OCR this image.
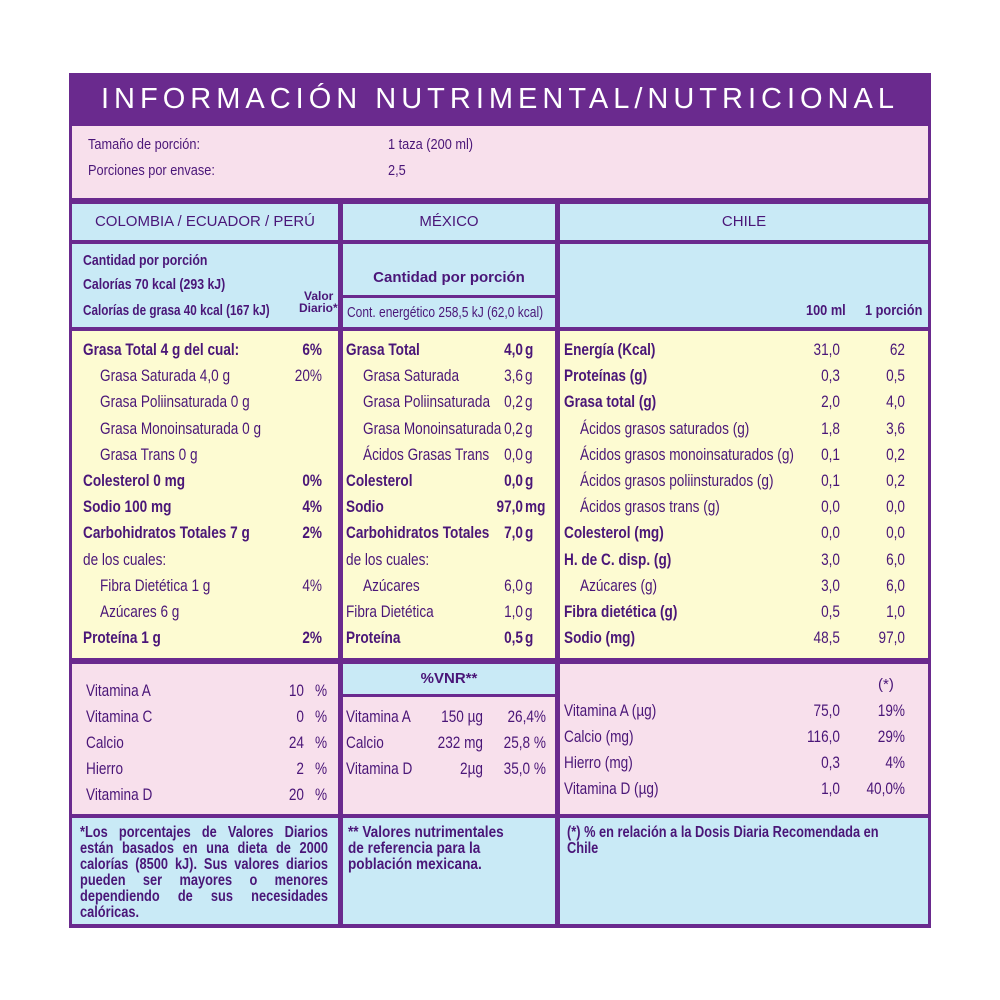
INFORMACIÓN NUTRIMENTAL/NUTRICIONAL
Tamaño de porción:	1 taza (200 ml)
Porciones por envase:	2,5
COLOMBIA / ECUADOR / PERÚ	MÉXICO	CHILE
Cantidad por porción
Calorías 70 kcal (293 kJ)
Calorías de grasa 40 kcal (167 kJ)
Valor
Diario*
Cantidad por porción
Cont. energético 258,5 kJ (62,0 kcal)	100 ml 1 porción
Grasa Total 4 g del cual:	6%
Grasa Saturada 4,0 g	20%
Grasa Poliinsaturada 0 g
Grasa Monoinsaturada 0 g
Grasa Trans 0 g
Colesterol 0 mg	0%
Sodio 100 mg	4%
Carbohidratos Totales 7 g	2%
de los cuales:
Fibra Dietética 1 g	4%
Azúcares 6 g
Proteína 1 g	2%
Grasa Total	4,0 g
Grasa Saturada	3,6 g
Grasa Poliinsaturada 0,2 g
Grasa Monoinsaturada 0,2 g
Ácidos Grasas Trans 0,0 g
Colesterol	0,0 g
Sodio	97,0 mg
Carbohidratos Totales 7,0 g
de los cuales:
Azúcares	6,0 g
Fibra Dietética	1,0 g
Proteína	0,5 g
Energía (Kcal)	31,0	62
Proteínas (g)	0,3	0,5
Grasa total (g)	2,0	4,0
Ácidos grasos saturados (g)	1,8	3,6
Ácidos grasos monoinsaturados (g)	0,1	0,2
Ácidos grasos poliinsturados (g)	0,1	0,2
Ácidos grasos trans (g)	0,0	0,0
Colesterol (mg)	0,0	0,0
H. de C. disp. (g)	3,0	6,0
Azúcares (g)	3,0	6,0
Fibra dietética (g)	0,5	1,0
Sodio (mg)	48,5	97,0
Vitamina A	10 %
Vitamina C	0 %
Calcio	24 %
Hierro	2 %
Vitamina D	20 %
%VNR**
Vitamina A	150 µg	26,4%
Calcio	232 mg	25,8 %
Vitamina D	2µg	35,0 %
(*)
Vitamina A (µg)	75,0	19%
Calcio (mg)	116,0	29%
Hierro (mg)	0,3	4%
Vitamina D (µg)	1,0	40,0%
*Los porcentajes de Valores Diarios están basados en una dieta de 2000 calorías (8500 kJ). Sus valores diarios pueden ser mayores o menores dependiendo de sus necesidades calóricas.
** Valores nutrimentales de referencia para la población mexicana.
(*) % en relación a la Dosis Diaria Recomendada en Chile
